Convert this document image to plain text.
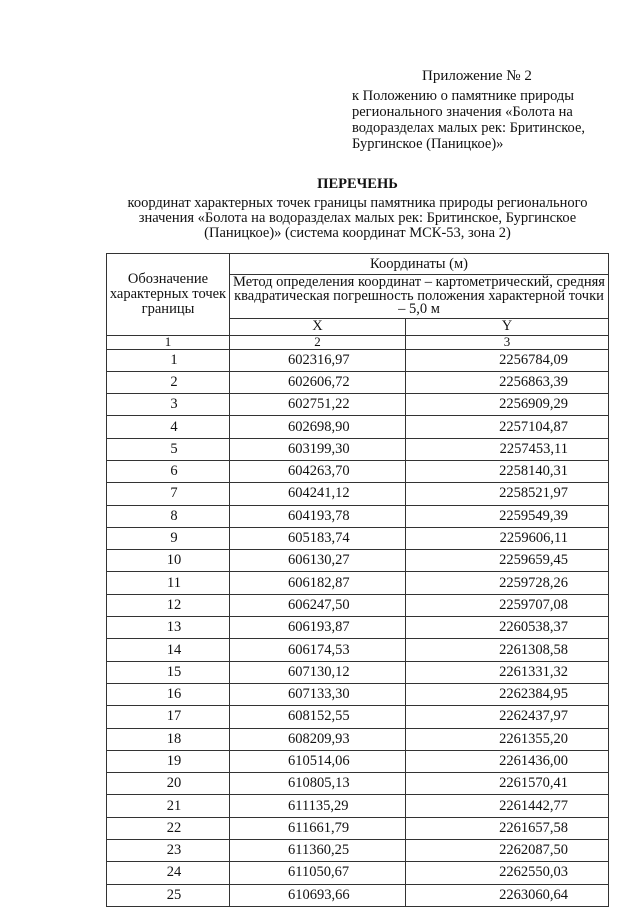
Приложение № 2
к Положению о памятнике природы
регионального значения «Болота на
водоразделах малых рек: Бритинское,
Бургинское (Паницкое)»
ПЕРЕЧЕНЬ
координат характерных точек границы памятника природы регионального значения «Болота на водоразделах малых рек: Бритинское, Бургинское (Паницкое)» (система координат МСК-53, зона 2)
Обозначение характерных точек границы	Координаты (м)	
	Метод определения координат – картометрический, средняя квадратическая погрешность положения характерной точки – 5,0 м	
	X	Y
1	2	3
1	602316,97	2256784,09
2	602606,72	2256863,39
3	602751,22	2256909,29
4	602698,90	2257104,87
5	603199,30	2257453,11
6	604263,70	2258140,31
7	604241,12	2258521,97
8	604193,78	2259549,39
9	605183,74	2259606,11
10	606130,27	2259659,45
11	606182,87	2259728,26
12	606247,50	2259707,08
13	606193,87	2260538,37
14	606174,53	2261308,58
15	607130,12	2261331,32
16	607133,30	2262384,95
17	608152,55	2262437,97
18	608209,93	2261355,20
19	610514,06	2261436,00
20	610805,13	2261570,41
21	611135,29	2261442,77
22	611661,79	2261657,58
23	611360,25	2262087,50
24	611050,67	2262550,03
25	610693,66	2263060,64
